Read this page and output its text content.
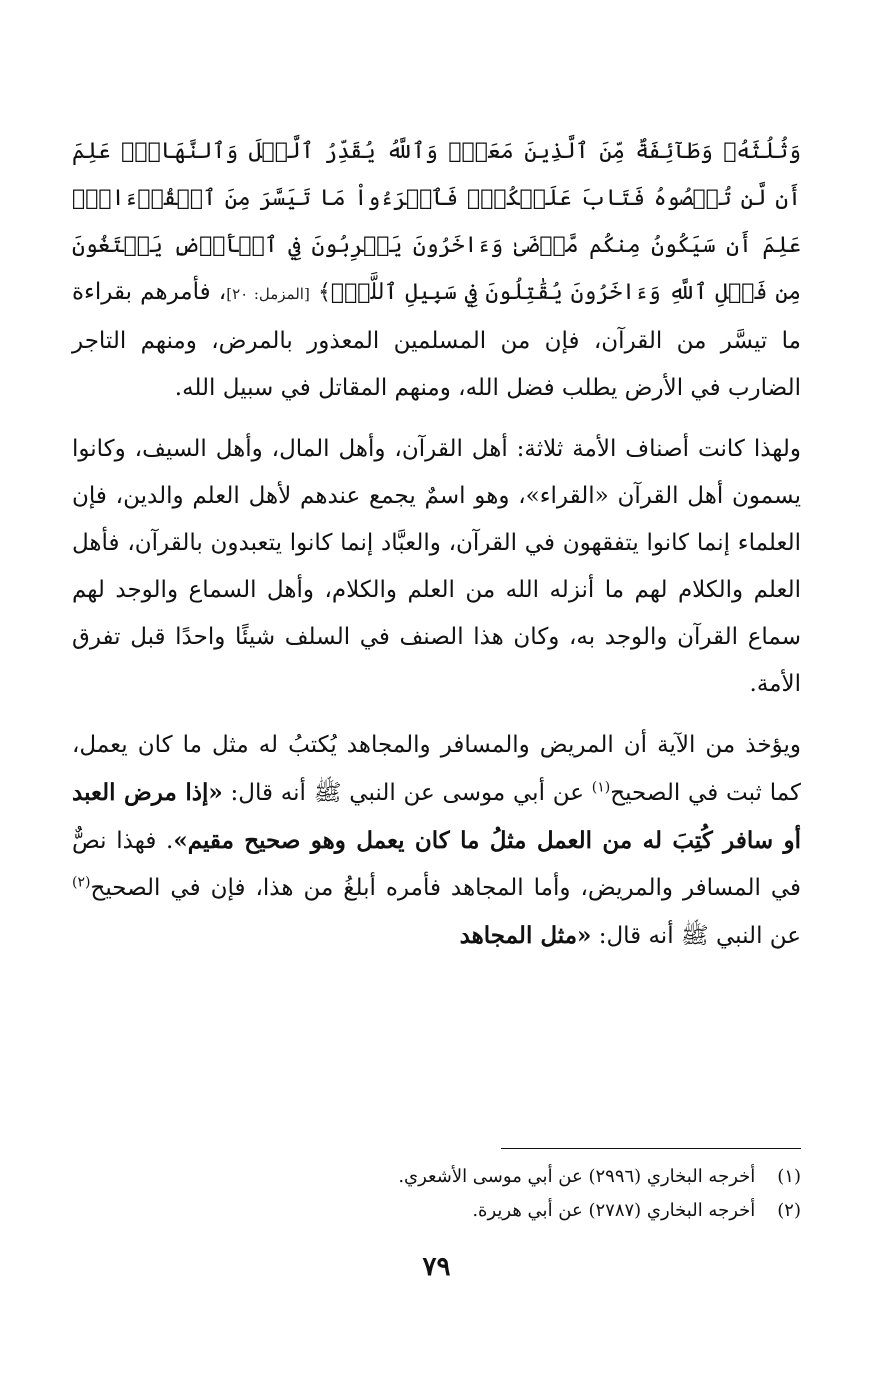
وَثُلُثَهُۥ وَطَآئِفَةٌ مِّنَ ٱلَّذِينَ مَعَكَۚ وَٱللَّهُ يُقَدِّرُ ٱلَّيۡلَ وَٱلنَّهَارَۚ عَلِمَ أَن لَّن تُحۡصُوهُ فَتَابَ عَلَيۡكُمۡۖ فَٱقۡرَءُواْ مَا تَيَسَّرَ مِنَ ٱلۡقُرۡءَانِۚ عَلِمَ أَن سَيَكُونُ مِنكُم مَّرۡضَىٰ وَءَاخَرُونَ يَضۡرِبُونَ فِي ٱلۡأَرۡضِ يَبۡتَغُونَ مِن فَضۡلِ ٱللَّهِ وَءَاخَرُونَ يُقَٰتِلُونَ فِي سَبِيلِ ٱللَّهِۖ﴾ [المزمل: ٢٠]، فأمرهم بقراءة ما تيسَّر من القرآن، فإن من المسلمين المعذور بالمرض، ومنهم التاجر الضارب في الأرض يطلب فضل الله، ومنهم المقاتل في سبيل الله.

ولهذا كانت أصناف الأمة ثلاثة: أهل القرآن، وأهل المال، وأهل السيف، وكانوا يسمون أهل القرآن «القراء»، وهو اسمٌ يجمع عندهم لأهل العلم والدين، فإن العلماء إنما كانوا يتفقهون في القرآن، والعبَّاد إنما كانوا يتعبدون بالقرآن، فأهل العلم والكلام لهم ما أنزله الله من العلم والكلام، وأهل السماع والوجد لهم سماع القرآن والوجد به، وكان هذا الصنف في السلف شيئًا واحدًا قبل تفرق الأمة.

ويؤخذ من الآية أن المريض والمسافر والمجاهد يُكتبُ له مثل ما كان يعمل، كما ثبت في الصحيح$^{(١)}$ عن أبي موسى عن النبي ﷺ أنه قال: «إذا مرض العبد أو سافر كُتِبَ له من العمل مثلُ ما كان يعمل وهو صحيح مقيم». فهذا نصٌّ في المسافر والمريض، وأما المجاهد فأمره أبلغُ من هذا، فإن في الصحيح$^{(٢)}$ عن النبي ﷺ أنه قال: «مثل المجاهد

(١) أخرجه البخاري (٢٩٩٦) عن أبي موسى الأشعري.
(٢) أخرجه البخاري (٢٧٨٧) عن أبي هريرة.
٧٩
